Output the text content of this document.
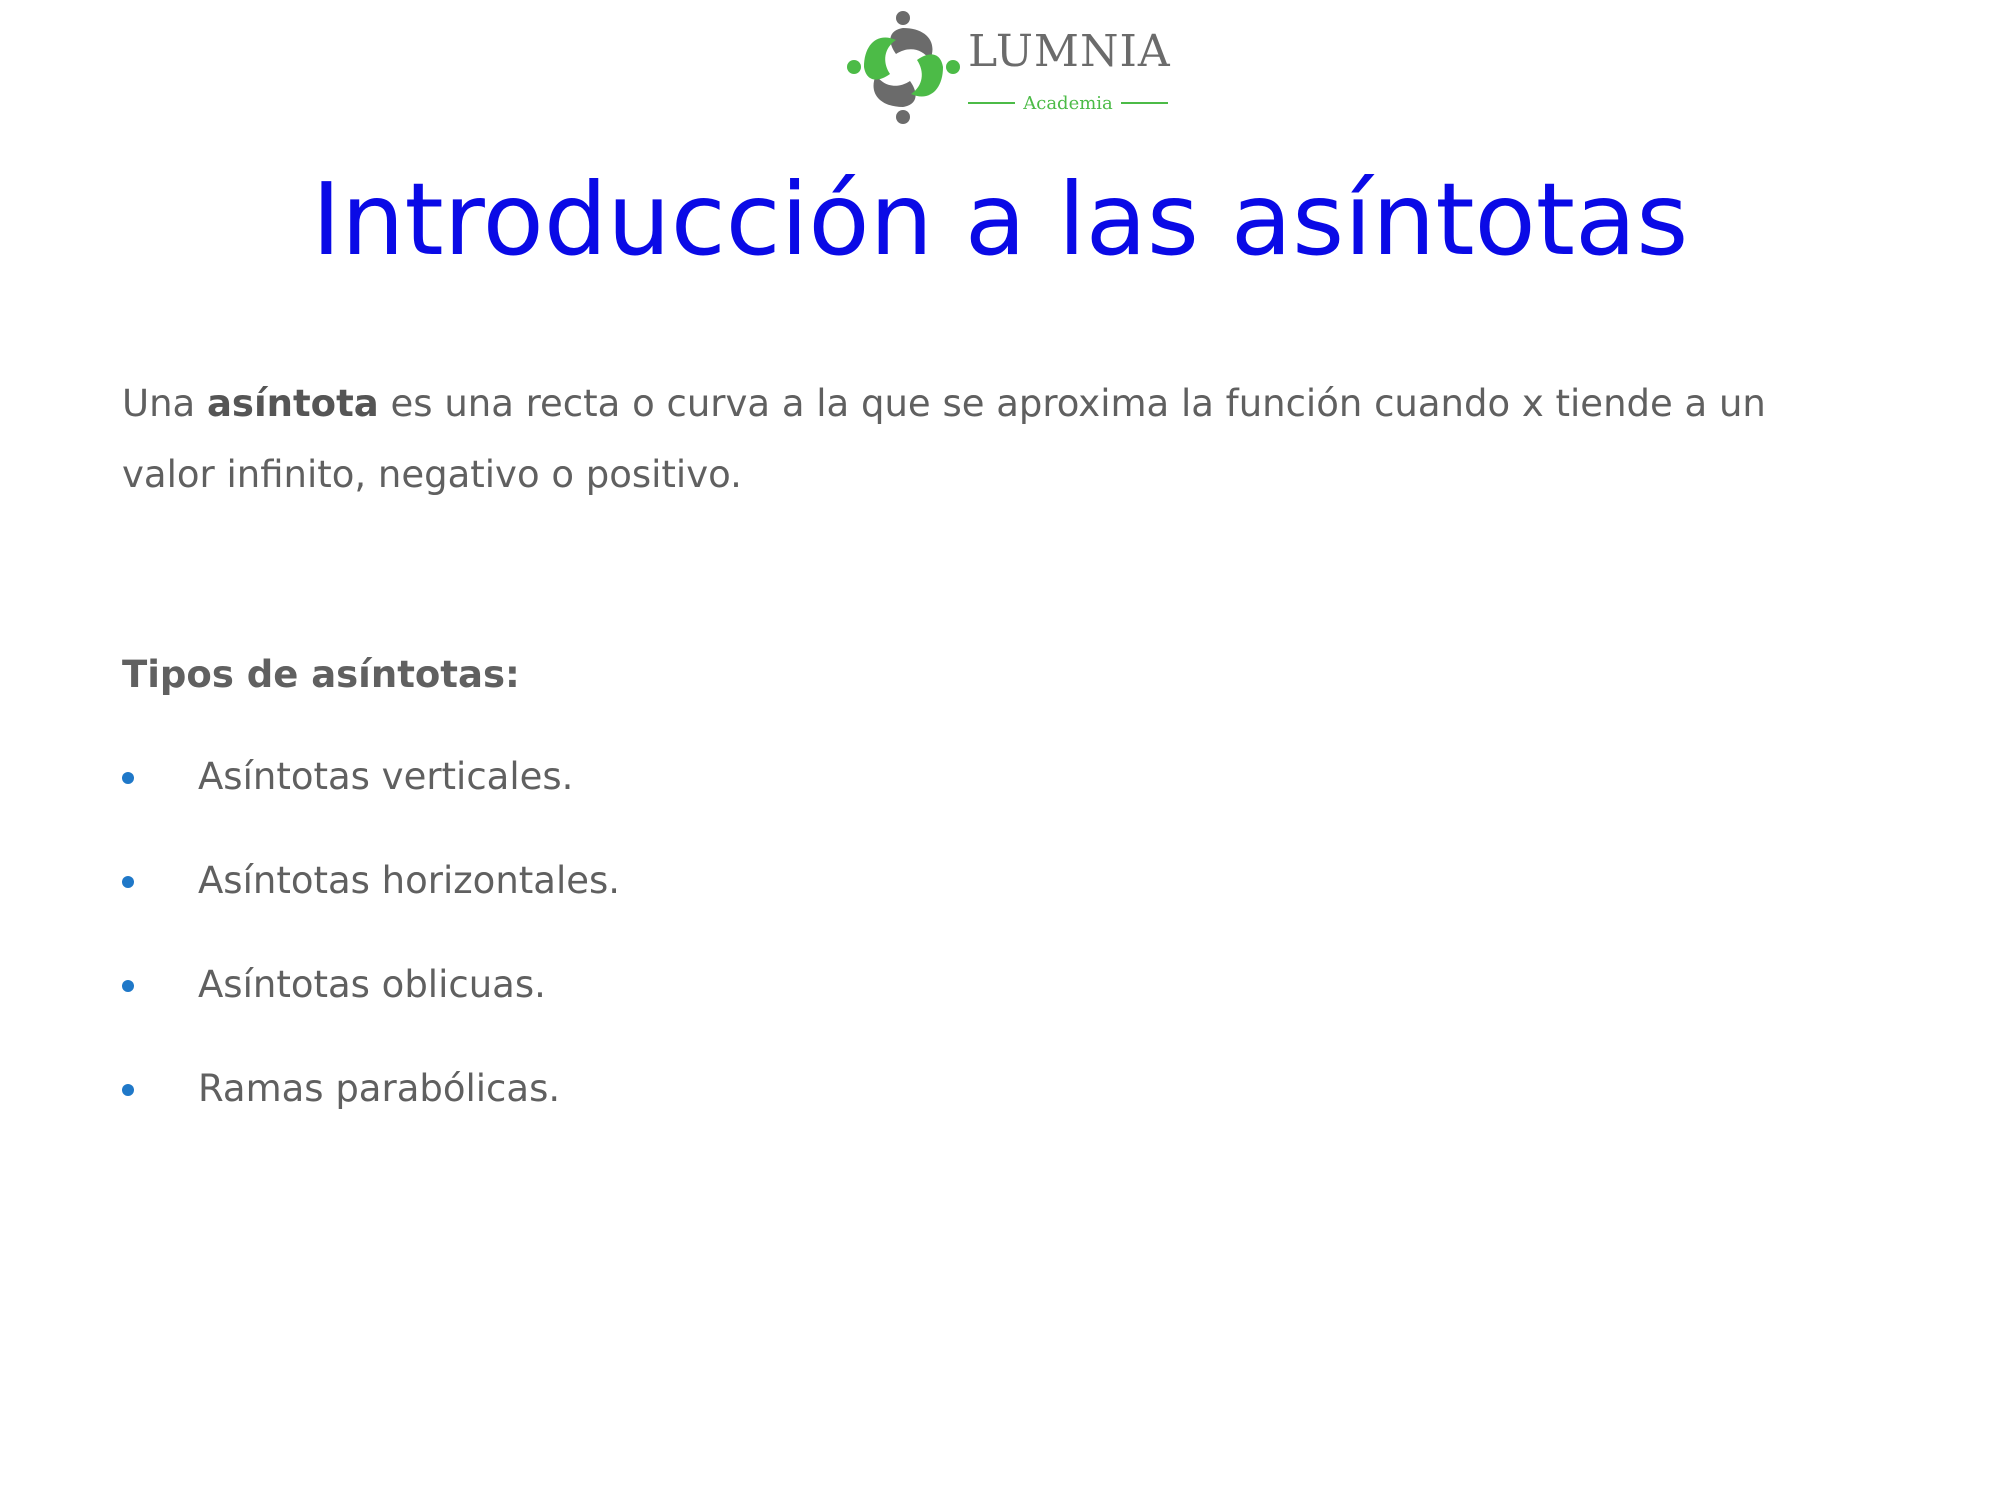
LUMNIA
Academia
Introducción a las asíntotas

Una asíntota es una recta o curva a la que se aproxima la función cuando x tiende a un valor infinito, negativo o positivo.

Tipos de asíntotas:
Asíntotas verticales.
Asíntotas horizontales.
Asíntotas oblicuas.
Ramas parabólicas.
